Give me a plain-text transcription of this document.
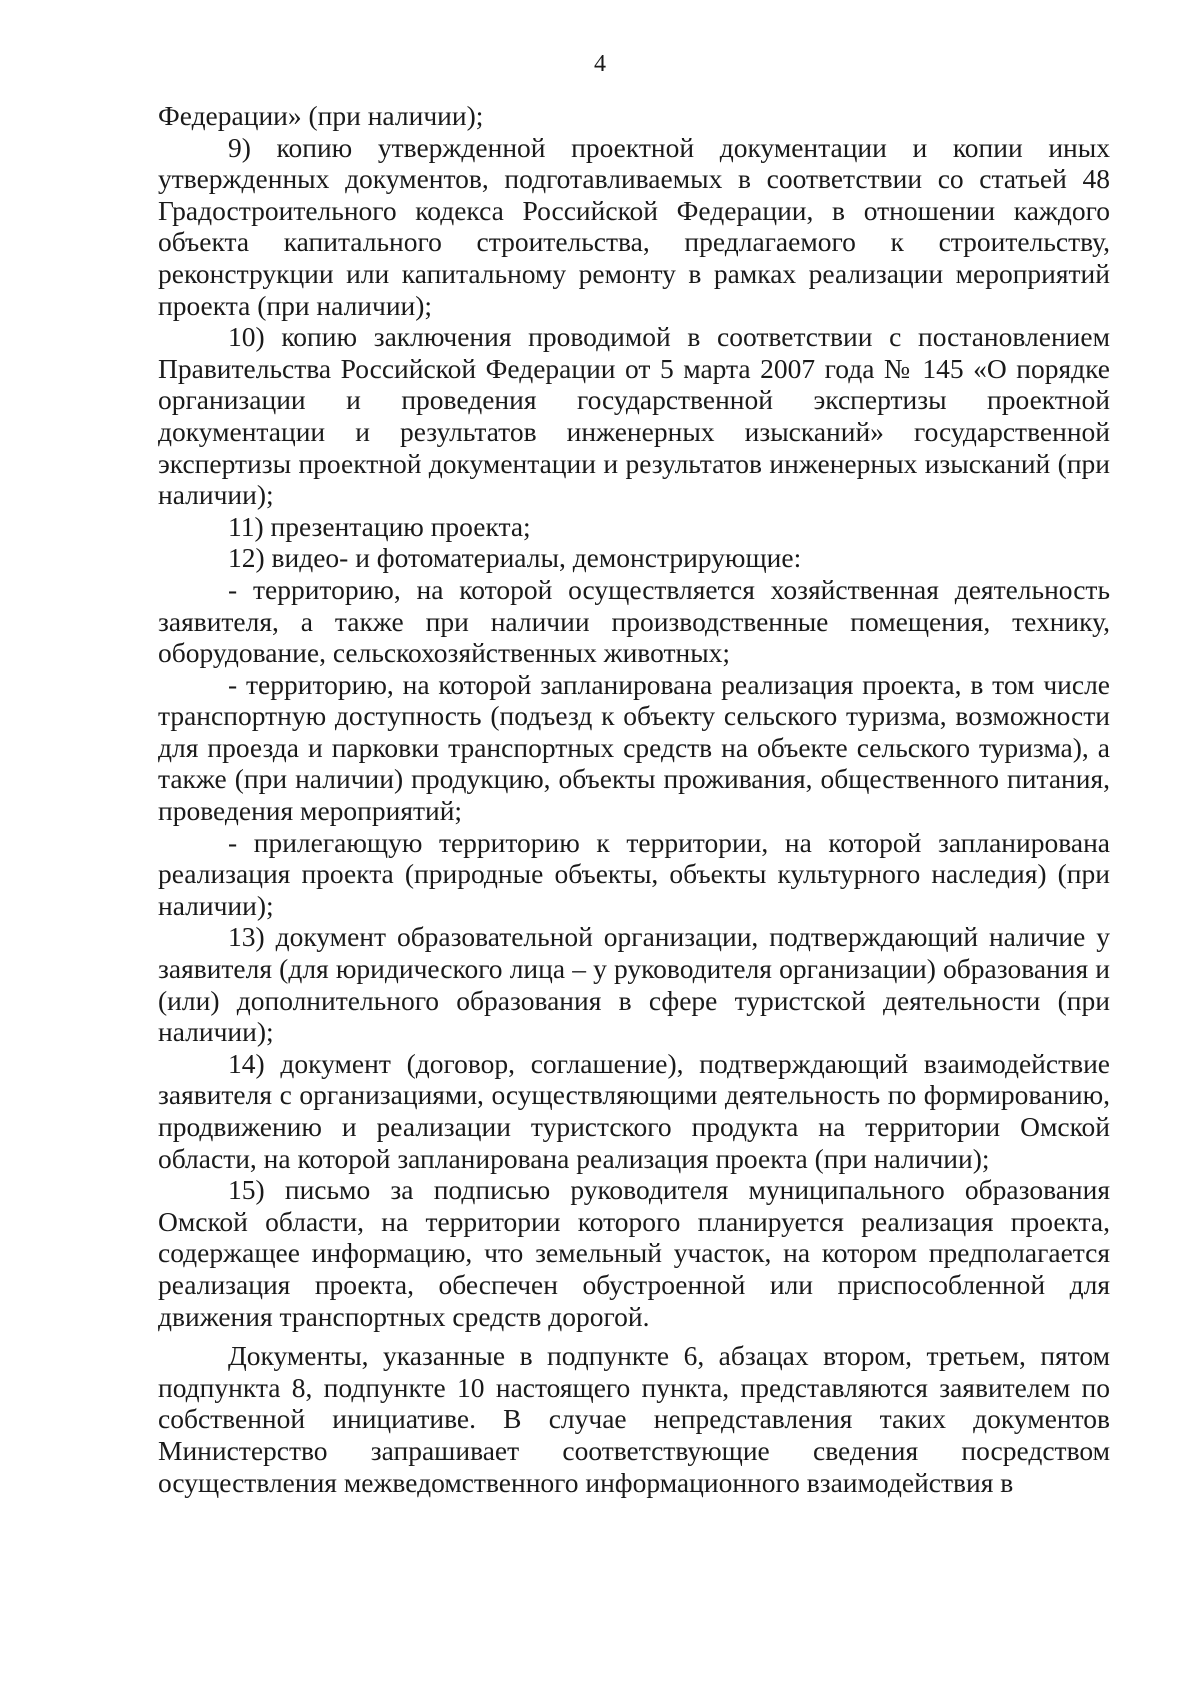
4

Федерации» (при наличии);

9) копию утвержденной проектной документации и копии иных утвержденных документов, подготавливаемых в соответствии со статьей 48 Градостроительного кодекса Российской Федерации, в отношении каждого объекта капитального строительства, предлагаемого к строительству, реконструкции или капитальному ремонту в рамках реализации мероприятий проекта (при наличии);

10) копию заключения проводимой в соответствии с постановлением Правительства Российской Федерации от 5 марта 2007 года № 145 «О порядке организации и проведения государственной экспертизы проектной документации и результатов инженерных изысканий» государственной экспертизы проектной документации и результатов инженерных изысканий (при наличии);

11) презентацию проекта;

12) видео- и фотоматериалы, демонстрирующие:

- территорию, на которой осуществляется хозяйственная деятельность заявителя, а также при наличии производственные помещения, технику, оборудование, сельскохозяйственных животных;

- территорию, на которой запланирована реализация проекта, в том числе транспортную доступность (подъезд к объекту сельского туризма, возможности для проезда и парковки транспортных средств на объекте сельского туризма), а также (при наличии) продукцию, объекты проживания, общественного питания, проведения мероприятий;

- прилегающую территорию к территории, на которой запланирована реализация проекта (природные объекты, объекты культурного наследия) (при наличии);

13) документ образовательной организации, подтверждающий наличие у заявителя (для юридического лица – у руководителя организации) образования и (или) дополнительного образования в сфере туристской деятельности (при наличии);

14) документ (договор, соглашение), подтверждающий взаимодействие заявителя с организациями, осуществляющими деятельность по формированию, продвижению и реализации туристского продукта на территории Омской области, на которой запланирована реализация проекта (при наличии);

15) письмо за подписью руководителя муниципального образования Омской области, на территории которого планируется реализация проекта, содержащее информацию, что земельный участок, на котором предполагается реализация проекта, обеспечен обустроенной или приспособленной для движения транспортных средств дорогой.

Документы, указанные в подпункте 6, абзацах втором, третьем, пятом подпункта 8, подпункте 10 настоящего пункта, представляются заявителем по собственной инициативе. В случае непредставления таких документов Министерство запрашивает соответствующие сведения посредством осуществления межведомственного информационного взаимодействия в
